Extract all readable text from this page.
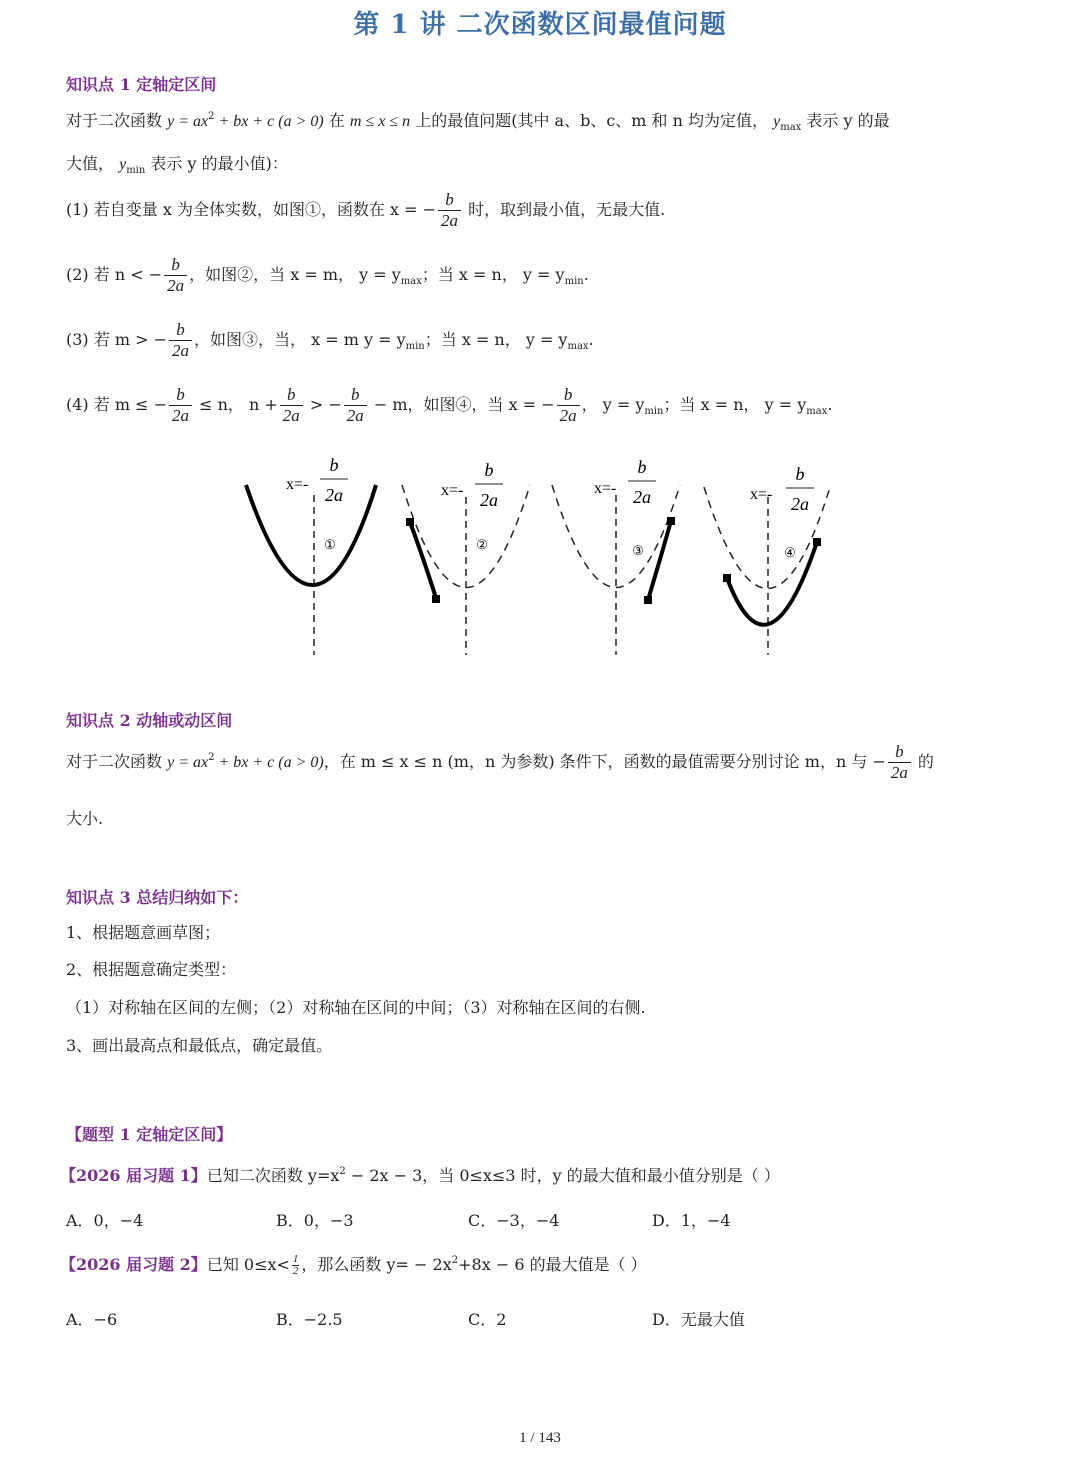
第 1 讲 二次函数区间最值问题
知识点 1 定轴定区间
对于二次函数 $y = ax^2$ + bx + c (a > 0) 在 m ≤ x ≤ n 上的最值问题(其中 a、b、c、m 和 n 均为定值， $y_{max}$ 表示 y 的最
大值， $y_{min}$ 表示 y 的最小值)：
(1) 若自变量 x 为全体实数，如图①，函数在 x = − $\frac{b}{2a}$ 时，取到最小值，无最大值.
(2) 若 n < − $\frac{b}{2a}$ ，如图②，当 x = m， $y = y_{max}$；当 x = n， $y = y_{min}$.
(3) 若 m > − $\frac{b}{2a}$ ，如图③，当， x = m $y = y_{min}$；当 x = n， $y = y_{max}$.
(4) 若 m ≤ − $\frac{b}{2a} \le n$， $n + \frac{b}{2a}$ > − $\frac{b}{2a} - m$，如图④，当 x = − $\frac{b}{2a}$ ， $y = y_{min}$；当 x = n， $y = y_{max}$.
x=-
b
2a
①
x=-
b
2a
②
x=-
b
2a
③
x=-
b
2a
④
知识点 2 动轴或动区间
对于二次函数 $y = ax^2$ + bx + c (a > 0)，在 m ≤ x ≤ n (m，n 为参数) 条件下，函数的最值需要分别讨论 m，n 与 − $\frac{b}{2a}$ 的
大小.
知识点 3 总结归纳如下：
1、根据题意画草图；
2、根据题意确定类型：
（1）对称轴在区间的左侧；（2）对称轴在区间的中间；（3）对称轴在区间的右侧.
3、画出最高点和最低点，确定最值。
【题型 1 定轴定区间】
【2026 届习题 1】已知二次函数 $y=x^2 - 2x - 3$，当 0≤x≤3 时，y 的最大值和最小值分别是（ ）
A．0，−4	B．0，−3	C．−3，−4	D．1，−4
【2026 届习题 2】已知 $0\le x< \frac{1}{2}$ ，那么函数 $y= - 2x^2+8x - 6$ 的最大值是（ ）
A．−6	B．−2.5	C．2	D．无最大值
1 / 143
